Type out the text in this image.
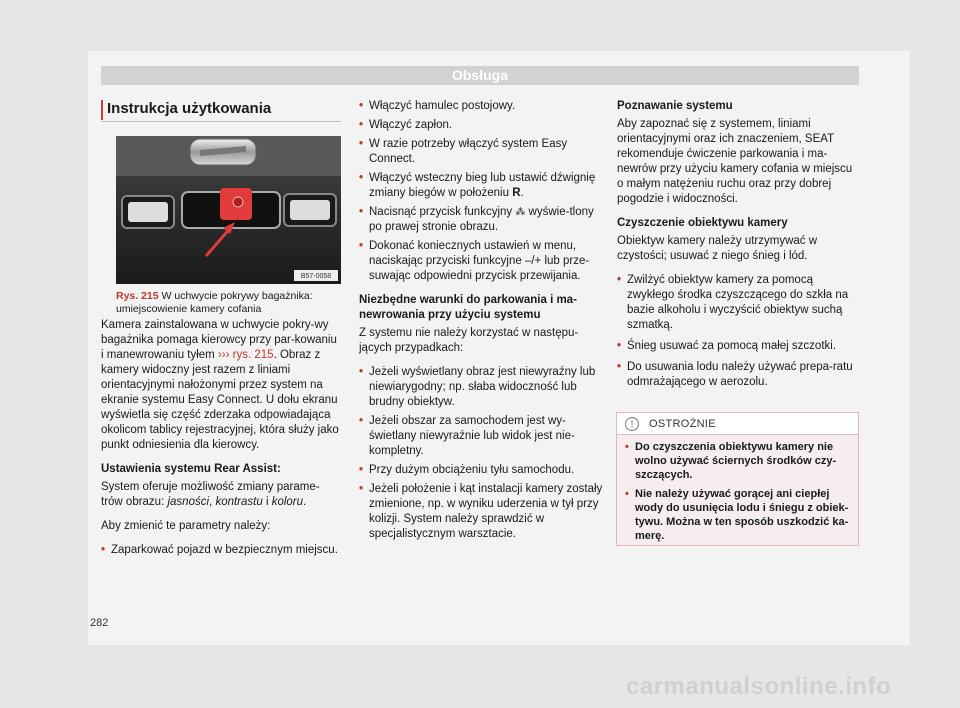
Obsługa
Instrukcja użytkowania
B57-0058
Rys. 215 W uchwycie pokrywy bagażnika: umiejscowienie kamery cofania

Kamera zainstalowana w uchwycie pokry-wy bagażnika pomaga kierowcy przy par-kowaniu i manewrowaniu tyłem ››› rys. 215. Obraz z kamery widoczny jest razem z liniami orientacyjnymi nałożonymi przez system na ekranie systemu Easy Connect. U dołu ekranu wyświetla się część zderzaka odpowiadająca okolicom tablicy rejestracyjnej, która służy jako punkt odniesienia dla kierowcy.

Ustawienia systemu Rear Assist:

System oferuje możliwość zmiany parame-trów obrazu: jasności, kontrastu i koloru.

Aby zmienić te parametry należy:

• Zaparkować pojazd w bezpiecznym miejscu.

• Włączyć hamulec postojowy.

• Włączyć zapłon.

• W razie potrzeby włączyć system Easy Connect.

• Włączyć wsteczny bieg lub ustawić dźwignię zmiany biegów w położeniu R.

• Nacisnąć przycisk funkcyjny ⁂ wyświe-tlony po prawej stronie obrazu.

• Dokonać koniecznych ustawień w menu, naciskając przyciski funkcyjne –/+ lub prze-suwając odpowiedni przycisk przewijania.

Niezbędne warunki do parkowania i ma-newrowania przy użyciu systemu

Z systemu nie należy korzystać w następu-jących przypadkach:

• Jeżeli wyświetlany obraz jest niewyraźny lub niewiarygodny; np. słaba widoczność lub brudny obiektyw.

• Jeżeli obszar za samochodem jest wy-świetlany niewyraźnie lub widok jest nie-kompletny.

• Przy dużym obciążeniu tyłu samochodu.

• Jeżeli położenie i kąt instalacji kamery zostały zmienione, np. w wyniku uderzenia w tył przy kolizji. System należy sprawdzić w specjalistycznym warsztacie.

Poznawanie systemu

Aby zapoznać się z systemem, liniami orientacyjnymi oraz ich znaczeniem, SEAT rekomenduje ćwiczenie parkowania i ma-newrów przy użyciu kamery cofania w miejscu o małym natężeniu ruchu oraz przy dobrej pogodzie i widoczności.

Czyszczenie obiektywu kamery

Obiektyw kamery należy utrzymywać w czystości; usuwać z niego śnieg i lód.

• Zwilżyć obiektyw kamery za pomocą zwykłego środka czyszczącego do szkła na bazie alkoholu i wyczyścić obiektyw suchą szmatką.

• Śnieg usuwać za pomocą małej szczotki.

• Do usuwania lodu należy używać prepa-ratu odmrażającego w aerozolu.

!	OSTROŻNIE

• Do czyszczenia obiektywu kamery nie wolno używać ściernych środków czy-szczących.

• Nie należy używać gorącej ani ciepłej wody do usunięcia lodu i śniegu z obiek-tywu. Można w ten sposób uszkodzić ka-merę.

282
carmanualsonline.info
